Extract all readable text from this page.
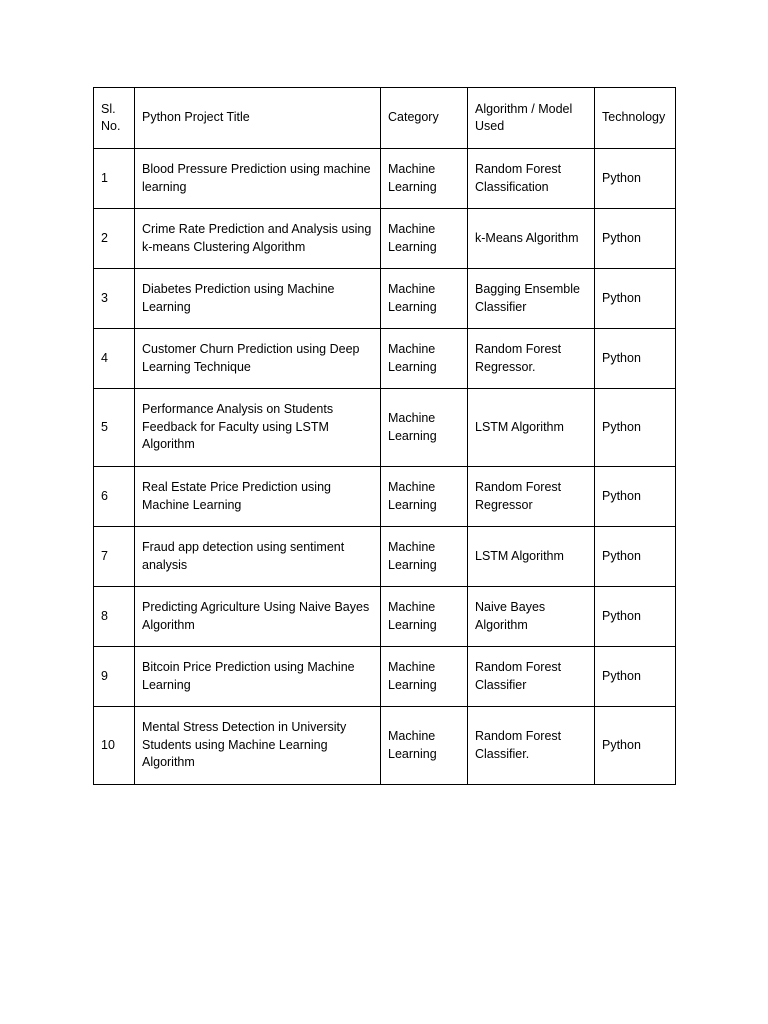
Sl. No.	Python Project Title	Category	Algorithm / Model Used	Technology
1	Blood Pressure Prediction using machine learning	Machine Learning	Random Forest Classification	Python
2	Crime Rate Prediction and Analysis using k-means Clustering Algorithm	Machine Learning	k-Means Algorithm	Python
3	Diabetes Prediction using Machine Learning	Machine Learning	Bagging Ensemble Classifier	Python
4	Customer Churn Prediction using Deep Learning Technique	Machine Learning	Random Forest Regressor.	Python
5	Performance Analysis on Students Feedback for Faculty using LSTM Algorithm	Machine Learning	LSTM Algorithm	Python
6	Real Estate Price Prediction using Machine Learning	Machine Learning	Random Forest Regressor	Python
7	Fraud app detection using sentiment analysis	Machine Learning	LSTM Algorithm	Python
8	Predicting Agriculture Using Naive Bayes Algorithm	Machine Learning	Naive Bayes Algorithm	Python
9	Bitcoin Price Prediction using Machine Learning	Machine Learning	Random Forest Classifier	Python
10	Mental Stress Detection in University Students using Machine Learning Algorithm	Machine Learning	Random Forest Classifier.	Python
